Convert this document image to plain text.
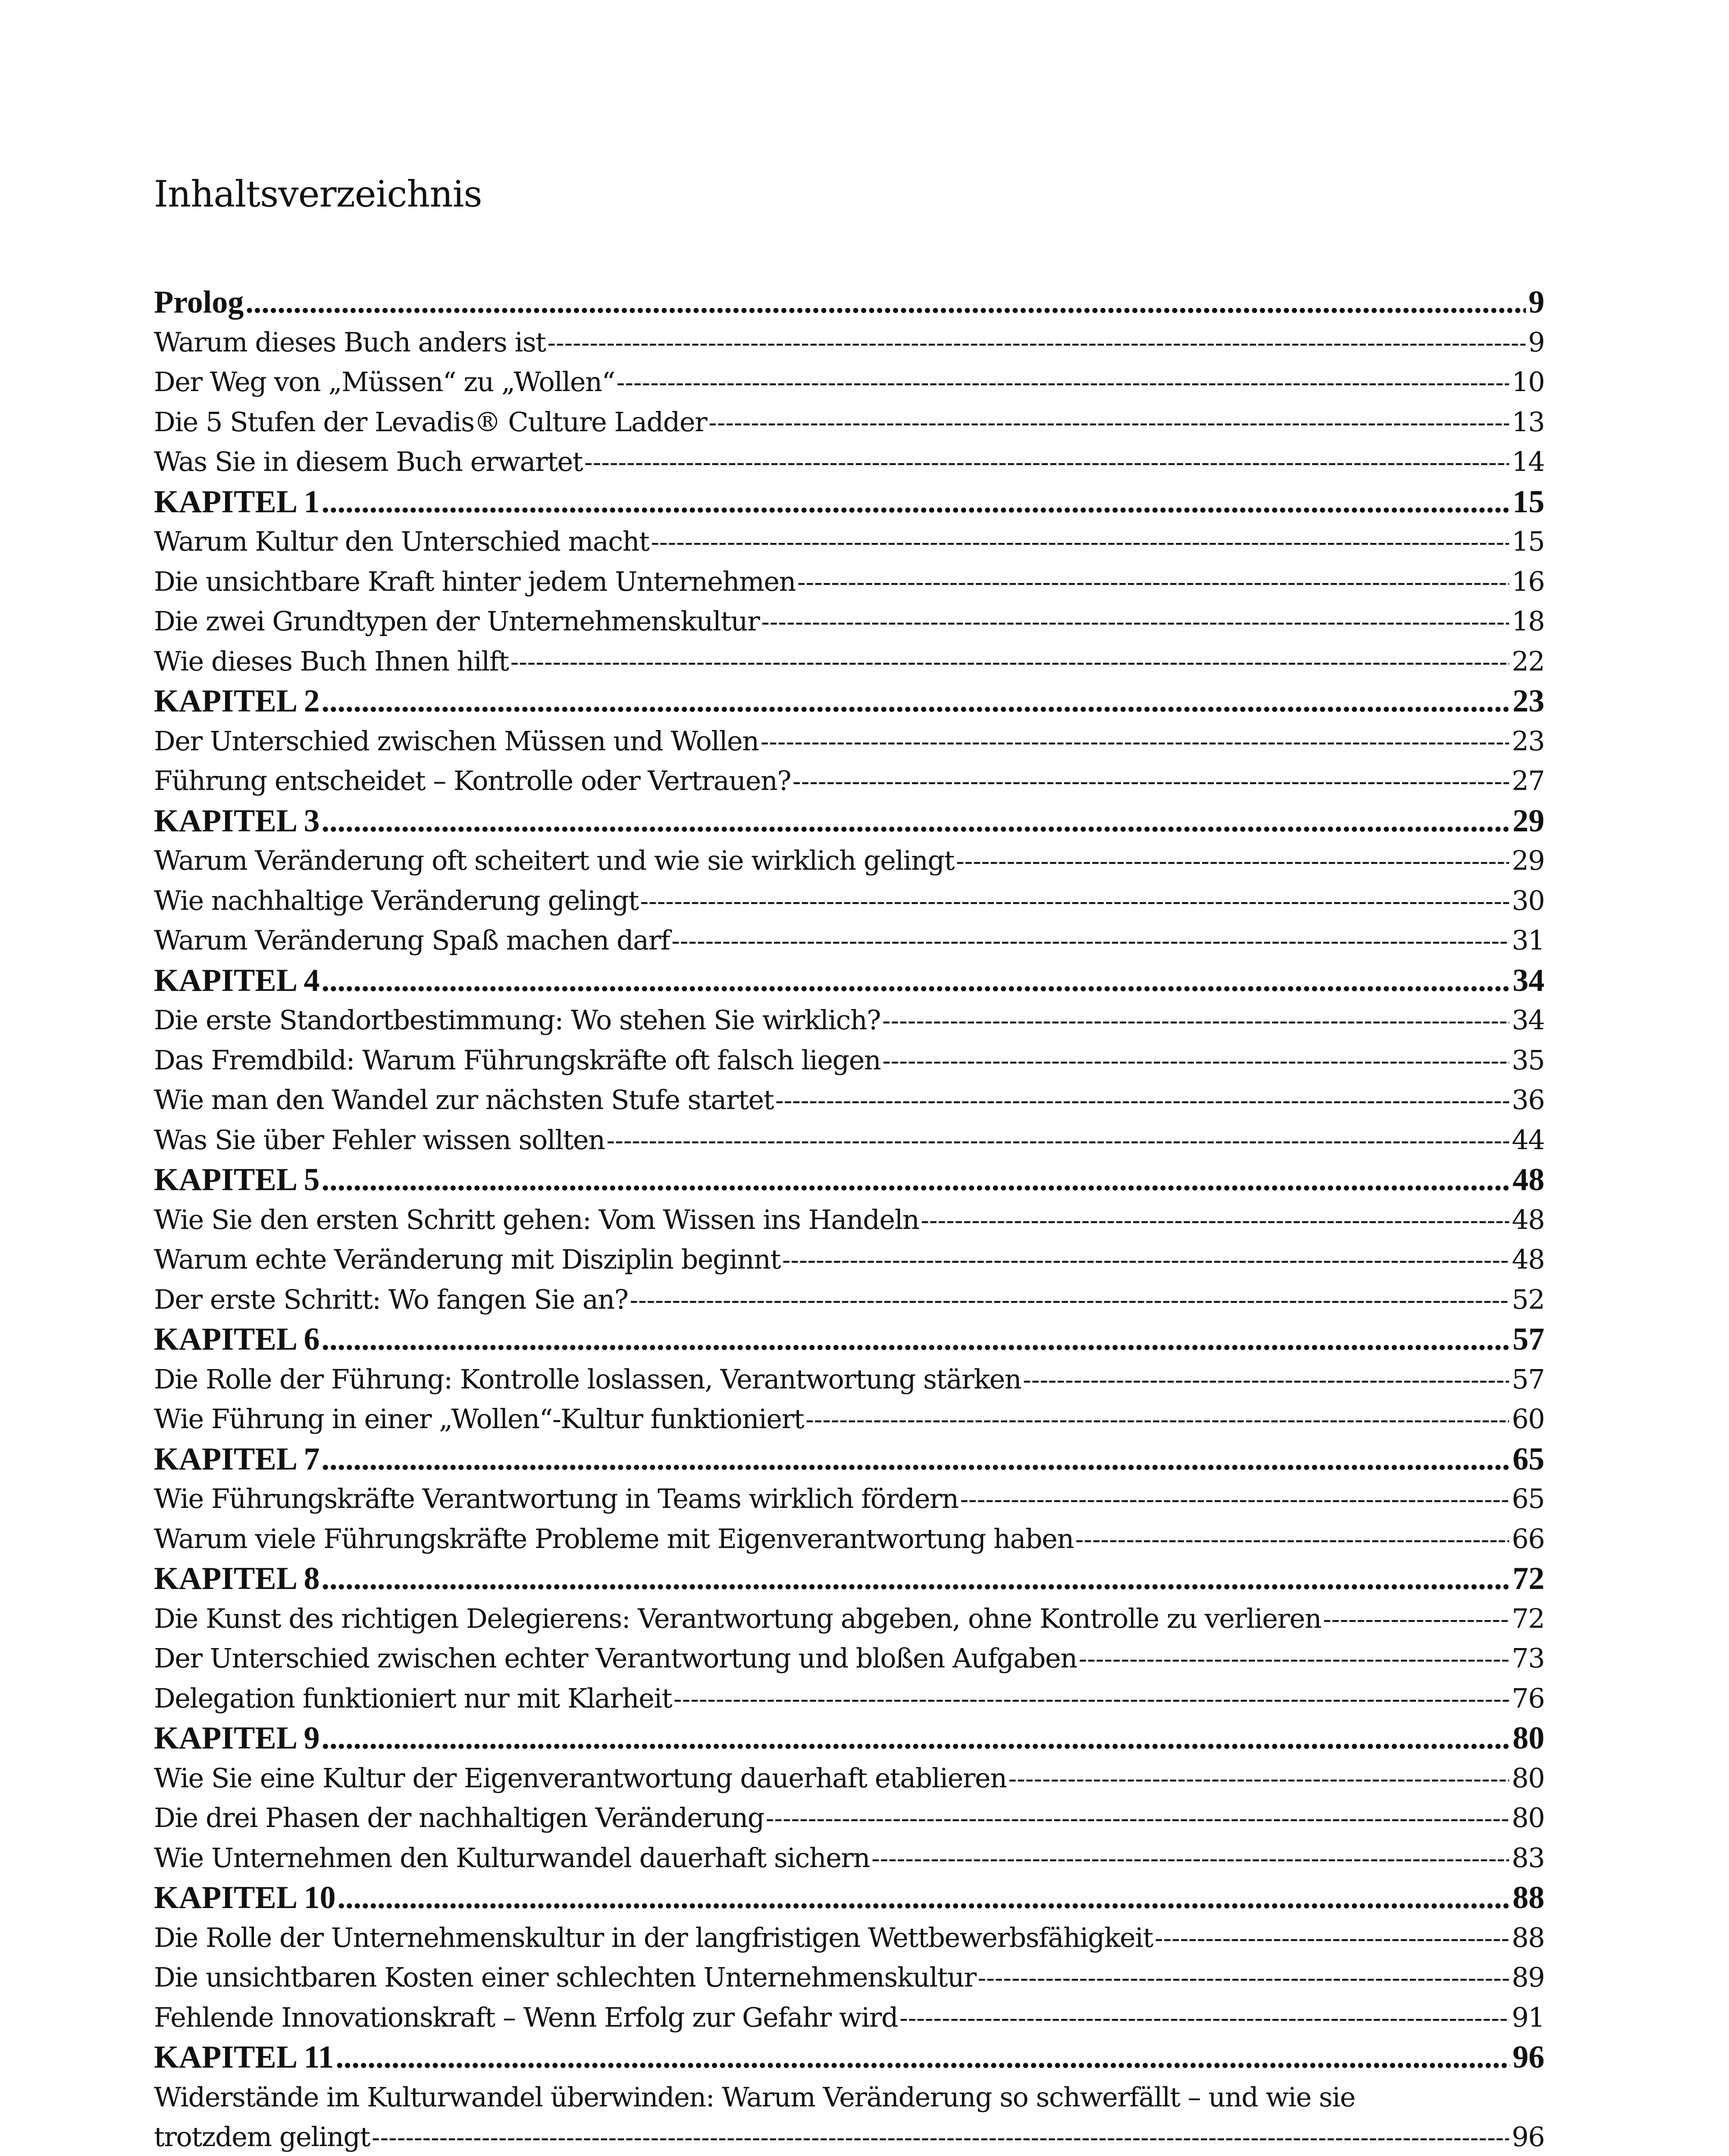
Inhaltsverzeichnis
Prolog .....	9
Warum dieses Buch anders ist -----	9
Der Weg von „Müssen“ zu „Wollen“ -----	10
Die 5 Stufen der Levadis® Culture Ladder -----	13
Was Sie in diesem Buch erwartet -----	14
KAPITEL 1 .....	15
Warum Kultur den Unterschied macht -----	15
Die unsichtbare Kraft hinter jedem Unternehmen -----	16
Die zwei Grundtypen der Unternehmenskultur -----	18
Wie dieses Buch Ihnen hilft -----	22
KAPITEL 2 .....	23
Der Unterschied zwischen Müssen und Wollen -----	23
Führung entscheidet – Kontrolle oder Vertrauen? -----	27
KAPITEL 3 .....	29
Warum Veränderung oft scheitert und wie sie wirklich gelingt -----	29
Wie nachhaltige Veränderung gelingt -----	30
Warum Veränderung Spaß machen darf -----	31
KAPITEL 4 .....	34
Die erste Standortbestimmung: Wo stehen Sie wirklich? -----	34
Das Fremdbild: Warum Führungskräfte oft falsch liegen -----	35
Wie man den Wandel zur nächsten Stufe startet -----	36
Was Sie über Fehler wissen sollten -----	44
KAPITEL 5 .....	48
Wie Sie den ersten Schritt gehen: Vom Wissen ins Handeln -----	48
Warum echte Veränderung mit Disziplin beginnt -----	48
Der erste Schritt: Wo fangen Sie an? -----	52
KAPITEL 6 .....	57
Die Rolle der Führung: Kontrolle loslassen, Verantwortung stärken -----	57
Wie Führung in einer „Wollen“-Kultur funktioniert -----	60
KAPITEL 7 .....	65
Wie Führungskräfte Verantwortung in Teams wirklich fördern -----	65
Warum viele Führungskräfte Probleme mit Eigenverantwortung haben -----	66
KAPITEL 8 .....	72
Die Kunst des richtigen Delegierens: Verantwortung abgeben, ohne Kontrolle zu verlieren -----	72
Der Unterschied zwischen echter Verantwortung und bloßen Aufgaben -----	73
Delegation funktioniert nur mit Klarheit -----	76
KAPITEL 9 .....	80
Wie Sie eine Kultur der Eigenverantwortung dauerhaft etablieren -----	80
Die drei Phasen der nachhaltigen Veränderung -----	80
Wie Unternehmen den Kulturwandel dauerhaft sichern -----	83
KAPITEL 10 .....	88
Die Rolle der Unternehmenskultur in der langfristigen Wettbewerbsfähigkeit -----	88
Die unsichtbaren Kosten einer schlechten Unternehmenskultur -----	89
Fehlende Innovationskraft – Wenn Erfolg zur Gefahr wird -----	91
KAPITEL 11 .....	96
Widerstände im Kulturwandel überwinden: Warum Veränderung so schwerfällt – und wie sie
trotzdem gelingt -----	96
